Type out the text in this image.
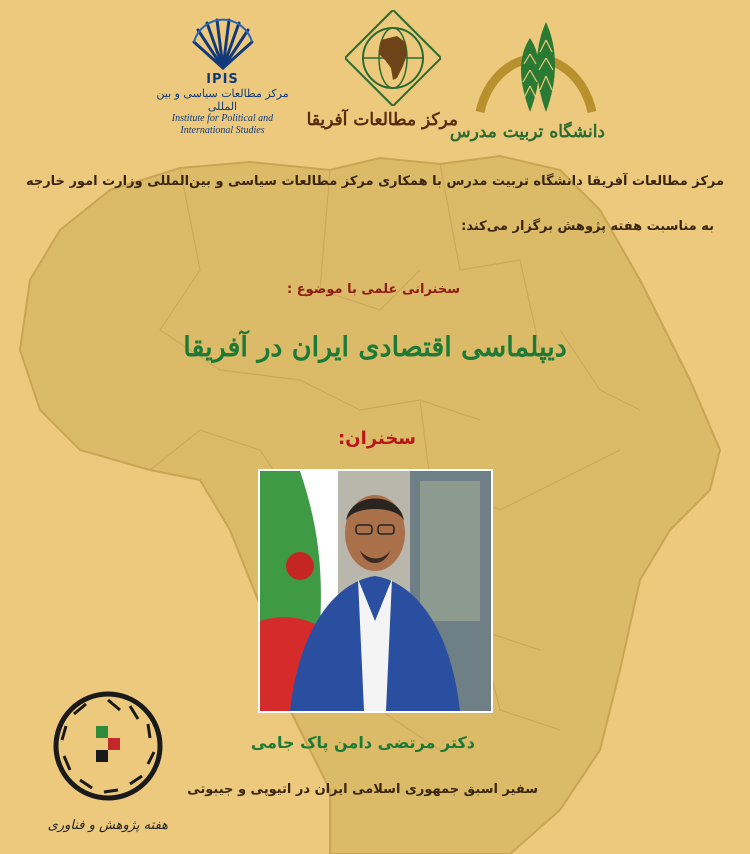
IPIS
مرکز مطالعات سیاسی و بین المللی
Institute for Political and
International Studies
مرکز مطالعات آفریقا
دانشگاه تربیت مدرس
مرکز مطالعات آفریقا دانشگاه تربیت مدرس با همکاری مرکز مطالعات سیاسی و بین‌المللی وزارت امور خارجه
به مناسبت هفته پژوهش برگزار می‌کند:
سخنرانی علمی با موضوع :
دیپلماسی اقتصادی ایران در آفریقا
سخنران:
دکتر مرتضی دامن پاک جامی
سفیر اسبق جمهوری اسلامی ایران در اتیوپی و جیبوتی
هفته پژوهش و فناوری
